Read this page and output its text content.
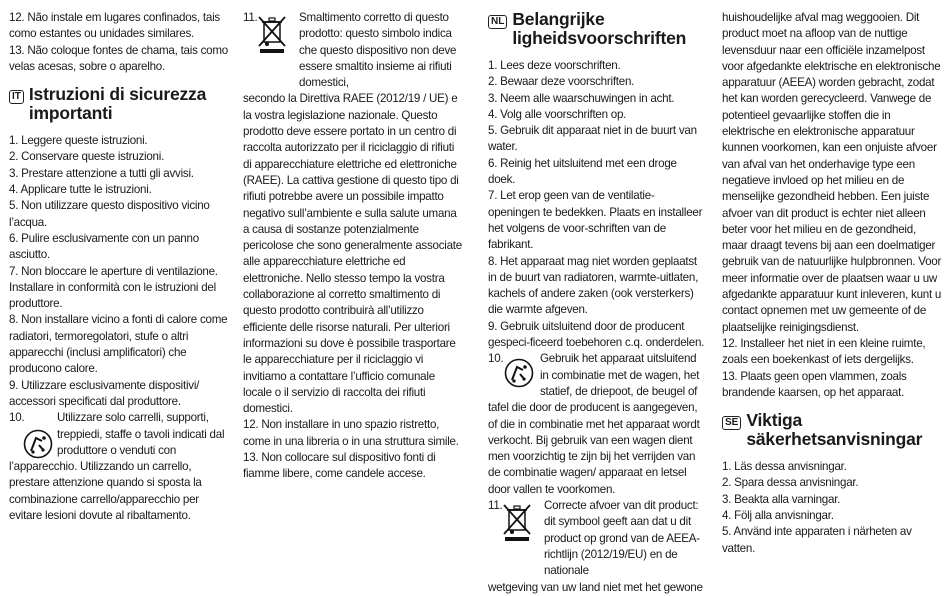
12. Não instale em lugares confinados, tais como estantes ou unidades similares.

13. Não coloque fontes de chama, tais como velas acesas, sobre o aparelho.

IT Istruzioni di sicurezza importanti

1. Leggere queste istruzioni.

2. Conservare queste istruzioni.

3. Prestare attenzione a tutti gli avvisi.

4. Applicare tutte le istruzioni.

5. Non utilizzare questo dispositivo vicino l’acqua.

6. Pulire esclusivamente con un panno asciutto.

7. Non bloccare le aperture di ventilazione. Installare in conformità con le istruzioni del produttore.

8. Non installare vicino a fonti di calore come radiatori, termoregolatori, stufe o altri apparecchi (inclusi amplificatori) che producono calore.

9. Utilizzare esclusivamente dispositivi/ accessori specificati dal produttore.

10.	Utilizzare solo carrelli, supporti, treppiedi, staffe o tavoli indicati dal produttore o venduti con

l’apparecchio. Utilizzando un carrello, prestare attenzione quando si sposta la combinazione carrello/apparecchio per evitare lesioni dovute al ribaltamento.

11.	Smaltimento corretto di questo prodotto: questo simbolo indica che questo dispositivo non deve essere smaltito insieme ai rifiuti domestici,

secondo la Direttiva RAEE (2012/19 / UE) e la vostra legislazione nazionale. Questo prodotto deve essere portato in un centro di raccolta autorizzato per il riciclaggio di rifiuti di apparecchiature elettriche ed elettroniche (RAEE). La cattiva gestione di questo tipo di rifiuti potrebbe avere un possibile impatto negativo sull’ambiente e sulla salute umana a causa di sostanze potenzialmente pericolose che sono generalmente associate alle apparecchiature elettriche ed elettroniche. Nello stesso tempo la vostra collaborazione al corretto smaltimento di questo prodotto contribuirà all’utilizzo efficiente delle risorse naturali. Per ulteriori informazioni su dove è possibile trasportare le apparecchiature per il riciclaggio vi invitiamo a contattare l’ufficio comunale locale o il servizio di raccolta dei rifiuti domestici.

12. Non installare in uno spazio ristretto, come in una libreria o in una struttura simile.

13. Non collocare sul dispositivo fonti di fiamme libere, come candele accese.

NL Belangrijke ligheidsvoorschriften

1. Lees deze voorschriften.

2. Bewaar deze voorschriften.

3. Neem alle waarschuwingen in acht.

4. Volg alle voorschriften op.

5. Gebruik dit apparaat niet in de buurt van water.

6. Reinig het uitsluitend met een droge doek.

7. Let erop geen van de ventilatie-openingen te bedekken. Plaats en installeer het volgens de voor-schriften van de fabrikant.

8. Het apparaat mag niet worden geplaatst in de buurt van radiatoren, warmte-uitlaten, kachels of andere zaken (ook versterkers) die warmte afgeven.

9. Gebruik uitsluitend door de producent gespeci-ficeerd toebehoren c.q. onderdelen.

10.	Gebruik het apparaat uitsluitend in combinatie met de wagen, het statief, de driepoot, de beugel of

tafel die door de producent is aangegeven, of die in combinatie met het apparaat wordt verkocht. Bij gebruik van een wagen dient men voorzichtig te zijn bij het verrijden van de combinatie wagen/ apparaat en letsel door vallen te voorkomen.

11.	Correcte afvoer van dit product: dit symbool geeft aan dat u dit product op grond van de AEEA-richtlijn (2012/19/EU) en de nationale

wetgeving van uw land niet met het gewone

huishoudelijke afval mag weggooien. Dit product moet na afloop van de nuttige levensduur naar een officiële inzamelpost voor afgedankte elektrische en elektronische apparatuur (AEEA) worden gebracht, zodat het kan worden gerecycleerd. Vanwege de potentieel gevaarlijke stoffen die in elektrische en elektronische apparatuur kunnen voorkomen, kan een onjuiste afvoer van afval van het onderhavige type een negatieve invloed op het milieu en de menselijke gezondheid hebben. Een juiste afvoer van dit product is echter niet alleen beter voor het milieu en de gezondheid, maar draagt tevens bij aan een doelmatiger gebruik van de natuurlijke hulpbronnen. Voor meer informatie over de plaatsen waar u uw afgedankte apparatuur kunt inleveren, kunt u contact opnemen met uw gemeente of de plaatselijke reinigingsdienst.

12. Installeer het niet in een kleine ruimte, zoals een boekenkast of iets dergelijks.

13. Plaats geen open vlammen, zoals brandende kaarsen, op het apparaat.

SE Viktiga säkerhetsanvisningar

1. Läs dessa anvisningar.

2. Spara dessa anvisningar.

3. Beakta alla varningar.

4. Följ alla anvisningar.

5. Använd inte apparaten i närheten av vatten.
